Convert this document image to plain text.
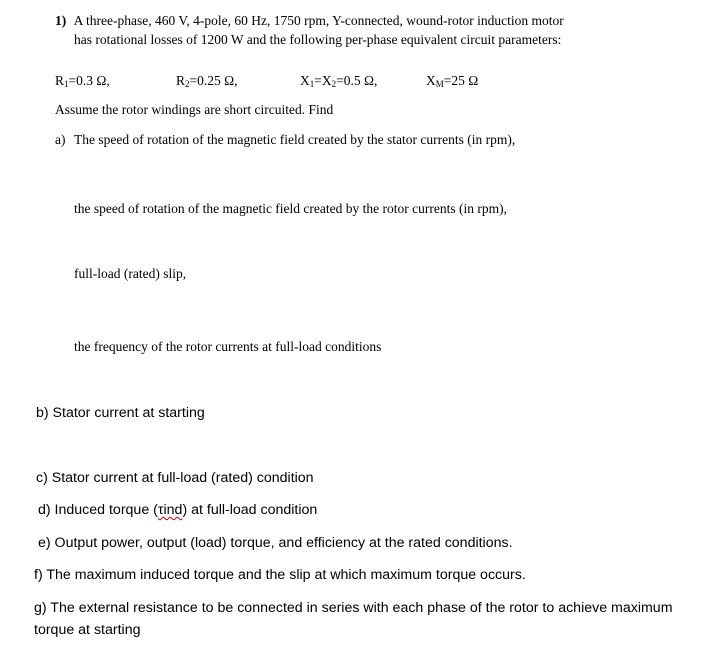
1) A three-phase, 460 V, 4-pole, 60 Hz, 1750 rpm, Y-connected, wound-rotor induction motor
has rotational losses of 1200 W and the following per-phase equivalent circuit parameters:
$R_1=0.3$ Ω,	$R_2=0.25$ Ω,	$X_1=X_2=0.5$ Ω,	$X_M=25$ Ω
Assume the rotor windings are short circuited. Find
a) The speed of rotation of the magnetic field created by the stator currents (in rpm),
the speed of rotation of the magnetic field created by the rotor currents (in rpm),
full-load (rated) slip,
the frequency of the rotor currents at full-load conditions
b) Stator current at starting
c) Stator current at full-load (rated) condition
d) Induced torque (τind) at full-load condition
e) Output power, output (load) torque, and efficiency at the rated conditions.
f) The maximum induced torque and the slip at which maximum torque occurs.
g) The external resistance to be connected in series with each phase of the rotor to achieve maximum torque at starting
